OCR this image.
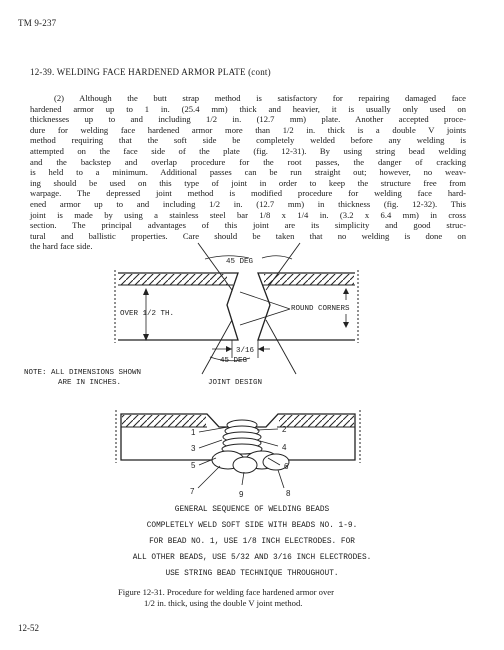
TM 9-237
12-39. WELDING FACE HARDENED ARMOR PLATE (cont)
(2) Although the butt strap method is satisfactory for repairing damaged face
hardened armor up to 1 in. (25.4 mm) thick and heavier, it is usually only used on
thicknesses up to and including 1/2 in. (12.7 mm) plate. Another accepted proce-
dure for welding face hardened armor more than 1/2 in. thick is a double V joints
method requiring that the soft side be completely welded before any welding is
attempted on the face side of the plate (fig. 12-31). By using string bead welding
and the backstep and overlap procedure for the root passes, the danger of cracking
is held to a minimum. Additional passes can be run straight out; however, no weav-
ing should be used on this type of joint in order to keep the structure free from
warpage. The depressed joint method is modified procedure for welding face hard-
ened armor up to and including 1/2 in. (12.7 mm) in thickness (fig. 12-32). This
joint is made by using a stainless steel bar 1/8 x 1/4 in. (3.2 x 6.4 mm) in cross
section. The principal advantages of this joint are its simplicity and good struc-
tural and ballistic properties. Care should be taken that no welding is done on
the hard face side.
45 DEG
OVER 1/2 TH.
ROUND CORNERS
3/16
45 DEG
JOINT DESIGN
NOTE: ALL DIMENSIONS SHOWN
ARE IN INCHES.
1	2
3	4
5	6
7	8
9
GENERAL SEQUENCE OF WELDING BEADS
COMPLETELY WELD SOFT SIDE WITH BEADS NO. 1-9.
FOR BEAD NO. 1, USE 1/8 INCH ELECTRODES. FOR
ALL OTHER BEADS, USE 5/32 AND 3/16 INCH ELECTRODES.
USE STRING BEAD TECHNIQUE THROUGHOUT.
Figure 12-31. Procedure for welding face hardened armor over
1/2 in. thick, using the double V joint method.
12-52
